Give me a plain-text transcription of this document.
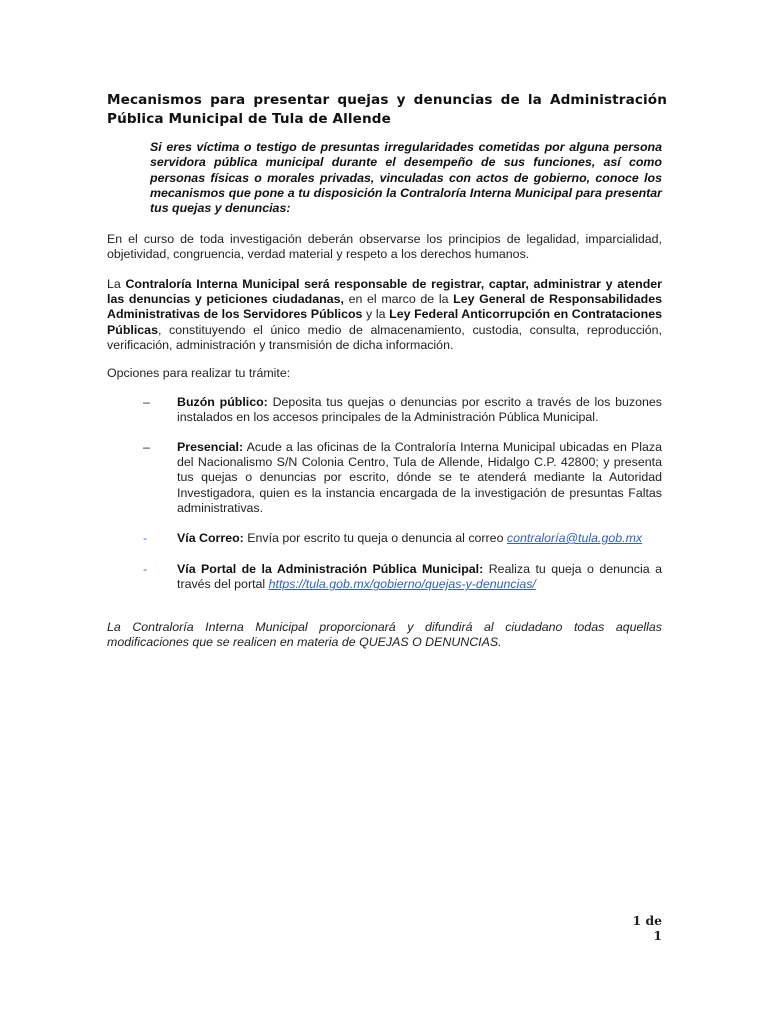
Mecanismos para presentar quejas y denuncias de la Administración Pública Municipal de Tula de Allende
Si eres víctima o testigo de presuntas irregularidades cometidas por alguna persona servidora pública municipal durante el desempeño de sus funciones, así como personas físicas o morales privadas, vinculadas con actos de gobierno, conoce los mecanismos que pone a tu disposición la Contraloría Interna Municipal para presentar tus quejas y denuncias:
En el curso de toda investigación deberán observarse los principios de legalidad, imparcialidad, objetividad, congruencia, verdad material y respeto a los derechos humanos.
La Contraloría Interna Municipal será responsable de registrar, captar, administrar y atender las denuncias y peticiones ciudadanas, en el marco de la Ley General de Responsabilidades Administrativas de los Servidores Públicos y la Ley Federal Anticorrupción en Contrataciones Públicas, constituyendo el único medio de almacenamiento, custodia, consulta, reproducción, verificación, administración y transmisión de dicha información.
Opciones para realizar tu trámite:
–	Buzón público: Deposita tus quejas o denuncias por escrito a través de los buzones instalados en los accesos principales de la Administración Pública Municipal.
–	Presencial: Acude a las oficinas de la Contraloría Interna Municipal ubicadas en Plaza del Nacionalismo S/N Colonia Centro, Tula de Allende, Hidalgo C.P. 42800; y presenta tus quejas o denuncias por escrito, dónde se te atenderá mediante la Autoridad Investigadora, quien es la instancia encargada de la investigación de presuntas Faltas administrativas.
-	Vía Correo: Envía por escrito tu queja o denuncia al correo contraloría@tula.gob.mx
-	Vía Portal de la Administración Pública Municipal: Realiza tu queja o denuncia a través del portal https://tula.gob.mx/gobierno/quejas-y-denuncias/
La Contraloría Interna Municipal proporcionará y difundirá al ciudadano todas aquellas modificaciones que se realicen en materia de QUEJAS O DENUNCIAS.
1 de 1
